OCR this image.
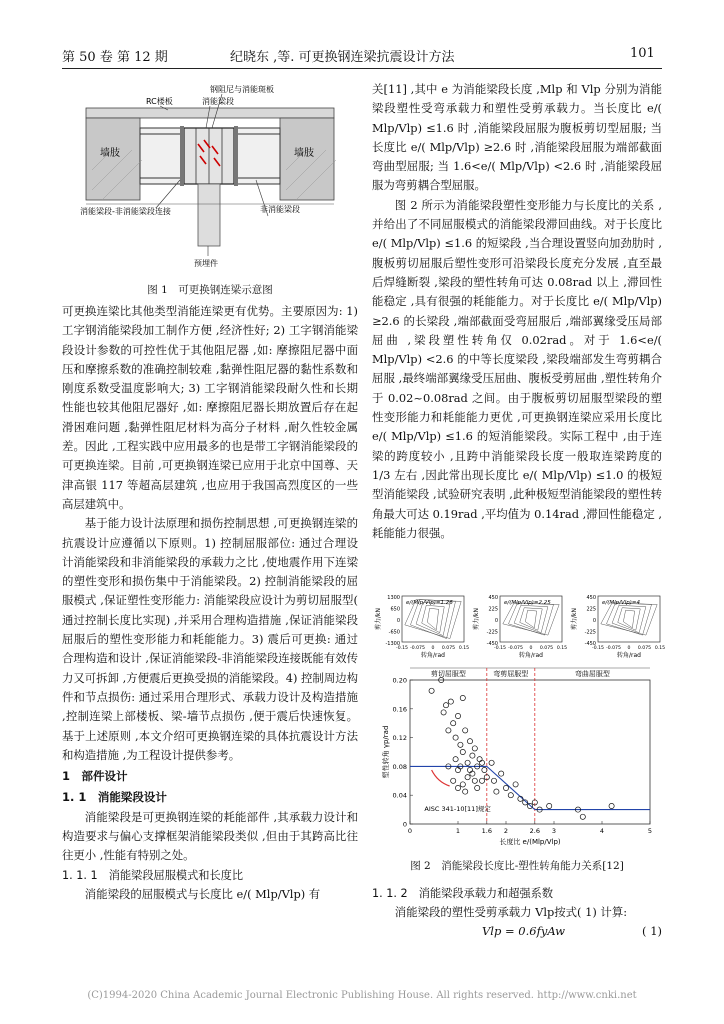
第 50 卷 第 12 期	纪晓东 ,等. 可更换钢连梁抗震设计方法	101
钢阻尼与消能斑板
RC楼板	消能梁段
墙肢	墙肢
消能梁段-非消能梁段连接	非消能梁段
预埋件
图 1　可更换钢连梁示意图

可更换连梁比其他类型消能连梁更有优势。主要原因为: 1) 工字钢消能梁段加工制作方便 ,经济性好; 2) 工字钢消能梁段设计参数的可控性优于其他阻尼器 ,如: 摩擦阻尼器中面压和摩擦系数的准确控制较难 ,黏弹性阻尼器的黏性系数和刚度系数受温度影响大; 3) 工字钢消能梁段耐久性和长期性能也较其他阻尼器好 ,如: 摩擦阻尼器长期放置后存在起滑困难问题 ,黏弹性阻尼材料为高分子材料 ,耐久性较金属差。因此 ,工程实践中应用最多的也是带工字钢消能梁段的可更换连梁。目前 ,可更换钢连梁已应用于北京中国尊、天津高银 117 等超高层建筑 ,也应用于我国高烈度区的一些高层建筑中。

基于能力设计法原理和损伤控制思想 ,可更换钢连梁的抗震设计应遵循以下原则。1) 控制屈服部位: 通过合理设计消能梁段和非消能梁段的承载力之比 ,使地震作用下连梁的塑性变形和损伤集中于消能梁段。2) 控制消能梁段的屈服模式 ,保证塑性变形能力: 消能梁段应设计为剪切屈服型( 通过控制长度比实现) ,并采用合理构造措施 ,保证消能梁段屈服后的塑性变形能力和耗能能力。3) 震后可更换: 通过合理构造和设计 ,保证消能梁段-非消能梁段连接既能有效传力又可拆卸 ,方便震后更换受损的消能梁段。4) 控制周边构件和节点损伤: 通过采用合理形式、承载力设计及构造措施 ,控制连梁上部楼板、梁-墙节点损伤 ,便于震后快速恢复。基于上述原则 ,本文介绍可更换钢连梁的具体抗震设计方法和构造措施 ,为工程设计提供参考。

1　部件设计

1. 1　消能梁段设计

消能梁段是可更换钢连梁的耗能部件 ,其承载力设计和构造要求与偏心支撑框架消能梁段类似 ,但由于其跨高比往往更小 ,性能有特别之处。

1. 1. 1　消能梁段屈服模式和长度比

消能梁段的屈服模式与长度比 e/( Mlp/Vlp) 有

关[11] ,其中 e 为消能梁段长度 ,Mlp 和 Vlp 分别为消能梁段塑性受弯承载力和塑性受剪承载力。当长度比 e/( Mlp/Vlp) ≤1.6 时 ,消能梁段屈服为腹板剪切型屈服; 当长度比 e/( Mlp/Vlp) ≥2.6 时 ,消能梁段屈服为端部截面弯曲型屈服; 当 1.6<e/( Mlp/Vlp) <2.6 时 ,消能梁段屈服为弯剪耦合型屈服。

图 2 所示为消能梁段塑性变形能力与长度比的关系 ,并给出了不同屈服模式的消能梁段滞回曲线。对于长度比 e/( Mlp/Vlp) ≤1.6 的短梁段 ,当合理设置竖向加劲肋时 ,腹板剪切屈服后塑性变形可沿梁段长度充分发展 ,直至最后焊缝断裂 ,梁段的塑性转角可达 0.08rad 以上 ,滞回性能稳定 ,具有很强的耗能能力。对于长度比 e/( Mlp/Vlp) ≥2.6 的长梁段 ,端部截面受弯屈服后 ,端部翼缘受压局部屈曲 ,梁段塑性转角仅 0.02rad。对于 1.6<e/( Mlp/Vlp) <2.6 的中等长度梁段 ,梁段端部发生弯剪耦合屈服 ,最终端部翼缘受压屈曲、腹板受剪屈曲 ,塑性转角介于 0.02~0.08rad 之间。由于腹板剪切屈服型梁段的塑性变形能力和耗能能力更优 ,可更换钢连梁应采用长度比 e/( Mlp/Vlp) ≤1.6 的短消能梁段。实际工程中 ,由于连梁的跨度较小 ,且跨中消能梁段长度一般取连梁跨度的 1/3 左右 ,因此常出现长度比 e/( Mlp/Vlp) ≤1.0 的极短型消能梁段 ,试验研究表明 ,此种极短型消能梁段的塑性转角最大可达 0.19rad ,平均值为 0.14rad ,滞回性能稳定 ,耗能能力很强。

e/(Mlp/Vlp)=1.26
1300
650
0
-650
-1300
-0.15 -0.075 0 0.075 0.15
剪力/kN
转角/rad
e/(Mlp/Vlp)=2.25
450
225
0
-225
-450
-0.15 -0.075 0 0.075 0.15
剪力/kN
转角/rad
e/(Mlp/Vlp)=4
450
225
0
-225
-450
-0.15 -0.075 0 0.075 0.15
剪力/kN
转角/rad
剪切屈服型	弯剪屈服型	弯曲屈服型
0
0.04
0.08
0.12
0.16
0.20
0	1	1.6 2	2.6 3	4	5
塑性转角 γp/rad
长度比 e/(Mlp/Vlp)
AISC 341-10[11]规定
图 2　消能梁段长度比-塑性转角能力关系[12]

1. 1. 2　消能梁段承载力和超强系数

消能梁段的塑性受剪承载力 Vlp按式( 1) 计算:

Vlp = 0.6fyAw	( 1)
(C)1994-2020 China Academic Journal Electronic Publishing House. All rights reserved. http://www.cnki.net
